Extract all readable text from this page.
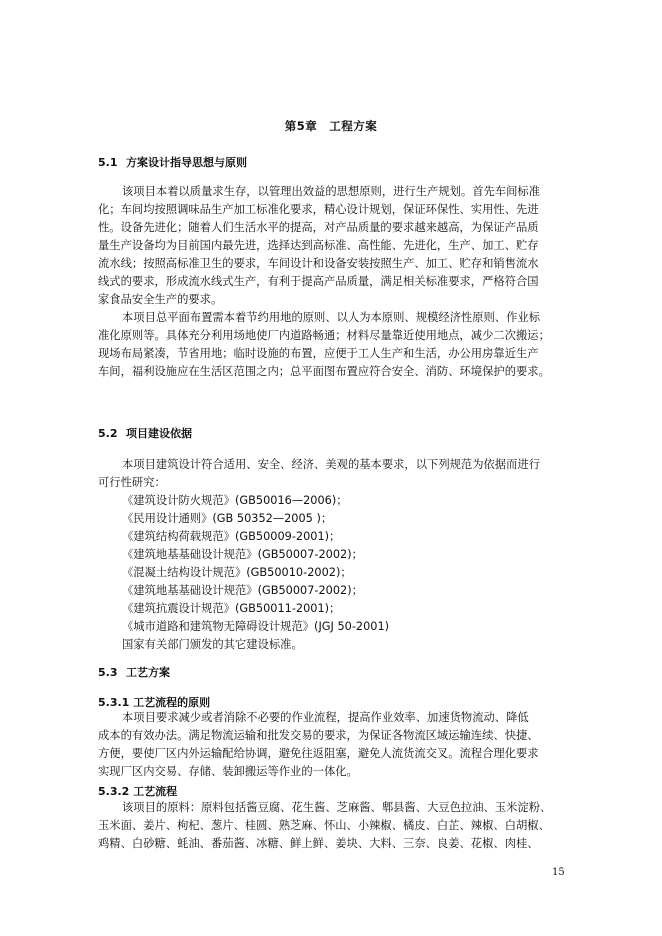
第5章　工程方案
5.1 方案设计指导思想与原则
该项目本着以质量求生存，以管理出效益的思想原则，进行生产规划。首先车间标准
化；车间均按照调味品生产加工标准化要求，精心设计规划，保证环保性、实用性、先进
性。设备先进化；随着人们生活水平的提高，对产品质量的要求越来越高，为保证产品质
量生产设备均为目前国内最先进，选择达到高标准、高性能、先进化，生产、加工、贮存
流水线；按照高标准卫生的要求，车间设计和设备安装按照生产、加工、贮存和销售流水
线式的要求，形成流水线式生产，有利于提高产品质量，满足相关标准要求，严格符合国
家食品安全生产的要求。
本项目总平面布置需本着节约用地的原则、以人为本原则、规模经济性原则、作业标
准化原则等。具体充分利用场地使厂内道路畅通；材料尽量靠近使用地点，减少二次搬运；
现场布局紧凑，节省用地；临时设施的布置，应便于工人生产和生活，办公用房靠近生产
车间，福利设施应在生活区范围之内；总平面图布置应符合安全、消防、环境保护的要求。
5.2 项目建设依据
本项目建筑设计符合适用、安全、经济、美观的基本要求，以下列规范为依据而进行
可行性研究：
《建筑设计防火规范》(GB50016—2006)；
《民用设计通则》(GB 50352—2005 )；
《建筑结构荷载规范》(GB50009-2001)；
《建筑地基基础设计规范》(GB50007-2002)；
《混凝土结构设计规范》(GB50010-2002)；
《建筑地基基础设计规范》(GB50007-2002)；
《建筑抗震设计规范》(GB50011-2001)；
《城市道路和建筑物无障碍设计规范》(JGJ 50-2001)
国家有关部门颁发的其它建设标准。
5.3 工艺方案
5.3.1 工艺流程的原则
本项目要求减少或者消除不必要的作业流程，提高作业效率、加速货物流动、降低
成本的有效办法。满足物流运输和批发交易的要求，为保证各物流区域运输连续、快捷、
方便，要使厂区内外运输配给协调，避免往返阻塞，避免人流货流交叉。流程合理化要求
实现厂区内交易、存储、装卸搬运等作业的一体化。
5.3.2 工艺流程
该项目的原料：原料包括酱豆腐、花生酱、芝麻酱、郫县酱、大豆色拉油、玉米淀粉、
玉米面、姜片、枸杞、葱片、桂圆、熟芝麻、怀山、小辣椒、橘皮、白芷、辣椒、白胡椒、
鸡精、白砂糖、蚝油、番茄酱、冰糖、鲜上鲜、姜块、大料、三奈、良姜、花椒、肉桂、
15
